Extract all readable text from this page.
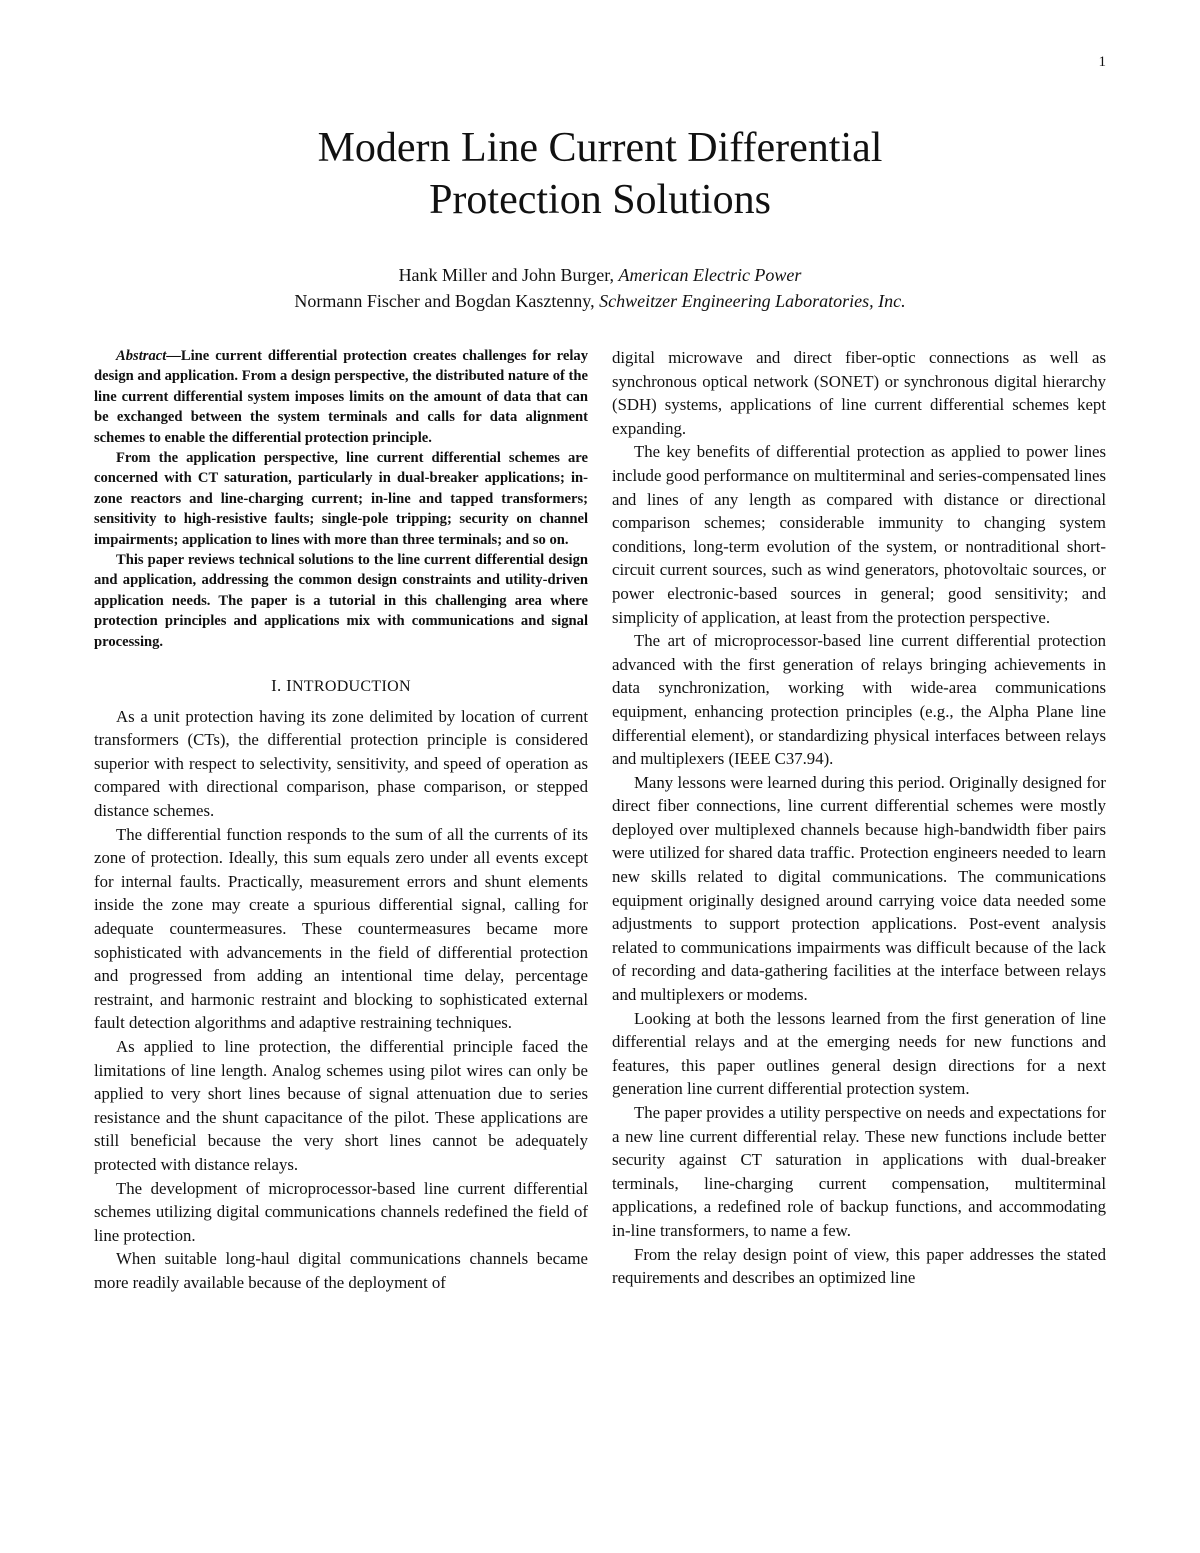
1
Modern Line Current Differential
Protection Solutions
Hank Miller and John Burger, American Electric Power
Normann Fischer and Bogdan Kasztenny, Schweitzer Engineering Laboratories, Inc.

Abstract—Line current differential protection creates challenges for relay design and application. From a design perspective, the distributed nature of the line current differential system imposes limits on the amount of data that can be exchanged between the system terminals and calls for data alignment schemes to enable the differential protection principle.

From the application perspective, line current differential schemes are concerned with CT saturation, particularly in dual-breaker applications; in-zone reactors and line-charging current; in-line and tapped transformers; sensitivity to high-resistive faults; single-pole tripping; security on channel impairments; application to lines with more than three terminals; and so on.

This paper reviews technical solutions to the line current differential design and application, addressing the common design constraints and utility-driven application needs. The paper is a tutorial in this challenging area where protection principles and applications mix with communications and signal processing.

I. INTRODUCTION

As a unit protection having its zone delimited by location of current transformers (CTs), the differential protection principle is considered superior with respect to selectivity, sensitivity, and speed of operation as compared with directional comparison, phase comparison, or stepped distance schemes.

The differential function responds to the sum of all the currents of its zone of protection. Ideally, this sum equals zero under all events except for internal faults. Practically, measurement errors and shunt elements inside the zone may create a spurious differential signal, calling for adequate countermeasures. These countermeasures became more sophisticated with advancements in the field of differential protection and progressed from adding an intentional time delay, percentage restraint, and harmonic restraint and blocking to sophisticated external fault detection algorithms and adaptive restraining techniques.

As applied to line protection, the differential principle faced the limitations of line length. Analog schemes using pilot wires can only be applied to very short lines because of signal attenuation due to series resistance and the shunt capacitance of the pilot. These applications are still beneficial because the very short lines cannot be adequately protected with distance relays.

The development of microprocessor-based line current differential schemes utilizing digital communications channels redefined the field of line protection.

When suitable long-haul digital communications channels became more readily available because of the deployment of

digital microwave and direct fiber-optic connections as well as synchronous optical network (SONET) or synchronous digital hierarchy (SDH) systems, applications of line current differential schemes kept expanding.

The key benefits of differential protection as applied to power lines include good performance on multiterminal and series-compensated lines and lines of any length as compared with distance or directional comparison schemes; considerable immunity to changing system conditions, long-term evolution of the system, or nontraditional short-circuit current sources, such as wind generators, photovoltaic sources, or power electronic-based sources in general; good sensitivity; and simplicity of application, at least from the protection perspective.

The art of microprocessor-based line current differential protection advanced with the first generation of relays bringing achievements in data synchronization, working with wide-area communications equipment, enhancing protection principles (e.g., the Alpha Plane line differential element), or standardizing physical interfaces between relays and multiplexers (IEEE C37.94).

Many lessons were learned during this period. Originally designed for direct fiber connections, line current differential schemes were mostly deployed over multiplexed channels because high-bandwidth fiber pairs were utilized for shared data traffic. Protection engineers needed to learn new skills related to digital communications. The communications equipment originally designed around carrying voice data needed some adjustments to support protection applications. Post-event analysis related to communications impairments was difficult because of the lack of recording and data-gathering facilities at the interface between relays and multiplexers or modems.

Looking at both the lessons learned from the first generation of line differential relays and at the emerging needs for new functions and features, this paper outlines general design directions for a next generation line current differential protection system.

The paper provides a utility perspective on needs and expectations for a new line current differential relay. These new functions include better security against CT saturation in applications with dual-breaker terminals, line-charging current compensation, multiterminal applications, a redefined role of backup functions, and accommodating in-line transformers, to name a few.

From the relay design point of view, this paper addresses the stated requirements and describes an optimized line
